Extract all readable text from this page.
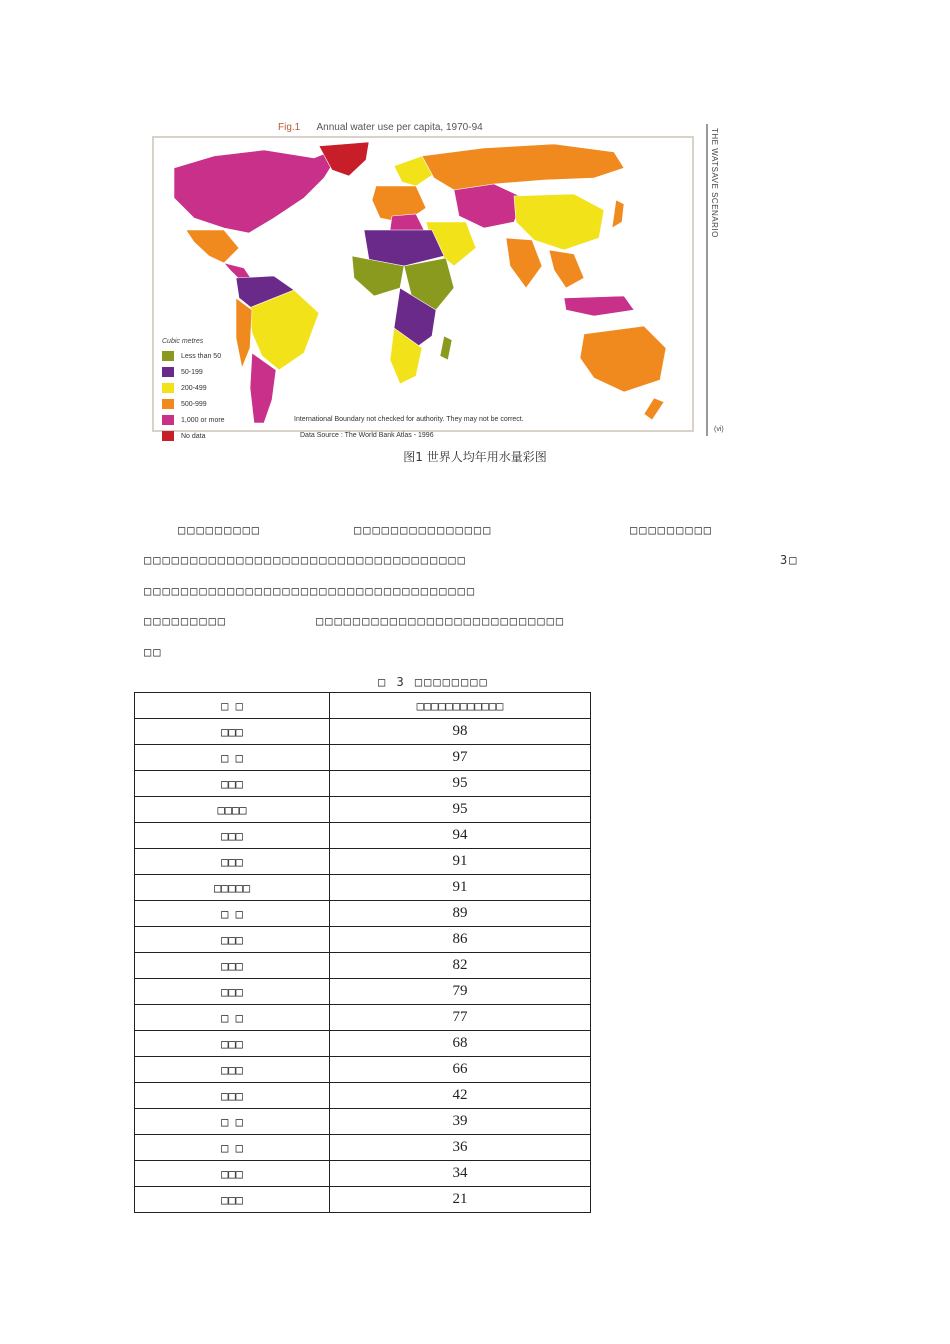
Fig.1 Annual water use per capita, 1970-94
Cubic metres
Less than 50
50-199
200-499
500-999
1,000 or more
No data
International Boundary not checked for authority. They may not be correct.
Data Source : The World Bank Atlas - 1996
THE WATSAVE SCENARIO
(vi)
图1 世界人均年用水量彩图
□□□□□□□□□	□□□□□□□□□□□□□□□	□□□□□□□□□
□□□□□□□□□□□□□□□□□□□□□□□□□□□□□□□□□□□	3□
□□□□□□□□□□□□□□□□□□□□□□□□□□□□□□□□□□□□
□□□□□□□□□	□□□□□□□□□□□□□□□□□□□□□□□□□□□
□□
□ 3 □□□□□□□□
□ □	□□□□□□□□□□□□
□□□	98
□ □	97
□□□	95
□□□□	95
□□□	94
□□□	91
□□□□□	91
□ □	89
□□□	86
□□□	82
□□□	79
□ □	77
□□□	68
□□□	66
□□□	42
□ □	39
□ □	36
□□□	34
□□□	21
